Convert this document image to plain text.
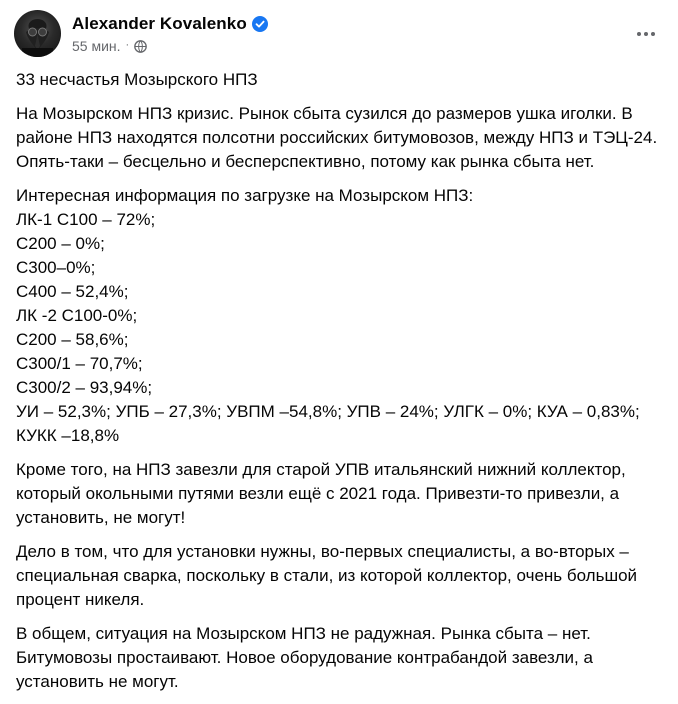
Alexander Kovalenko
55 мин. ·

33 несчастья Мозырского НПЗ

На Мозырском НПЗ кризис. Рынок сбыта сузился до размеров ушка иголки. В районе НПЗ находятся полсотни российских битумовозов, между НПЗ и ТЭЦ-24. Опять-таки – бесцельно и бесперспективно, потому как рынка сбыта нет.

Интересная информация по загрузке на Мозырском НПЗ:
ЛК-1 С100 – 72%;
С200 – 0%;
С300–0%;
С400 – 52,4%;
ЛК -2 С100-0%;
С200 – 58,6%;
С300/1 – 70,7%;
С300/2 – 93,94%;
УИ – 52,3%; УПБ – 27,3%; УВПМ –54,8%; УПВ – 24%; УЛГК – 0%; КУА – 0,83%; КУКК –18,8%

Кроме того, на НПЗ завезли для старой УПВ итальянский нижний коллектор, который окольными путями везли ещё с 2021 года. Привезти-то привезли, а установить, не могут!

Дело в том, что для установки нужны, во-первых специалисты, а во-вторых – специальная сварка, поскольку в стали, из которой коллектор, очень большой процент никеля.

В общем, ситуация на Мозырском НПЗ не радужная. Рынка сбыта – нет. Битумовозы простаивают. Новое оборудование контрабандой завезли, а установить не могут.
